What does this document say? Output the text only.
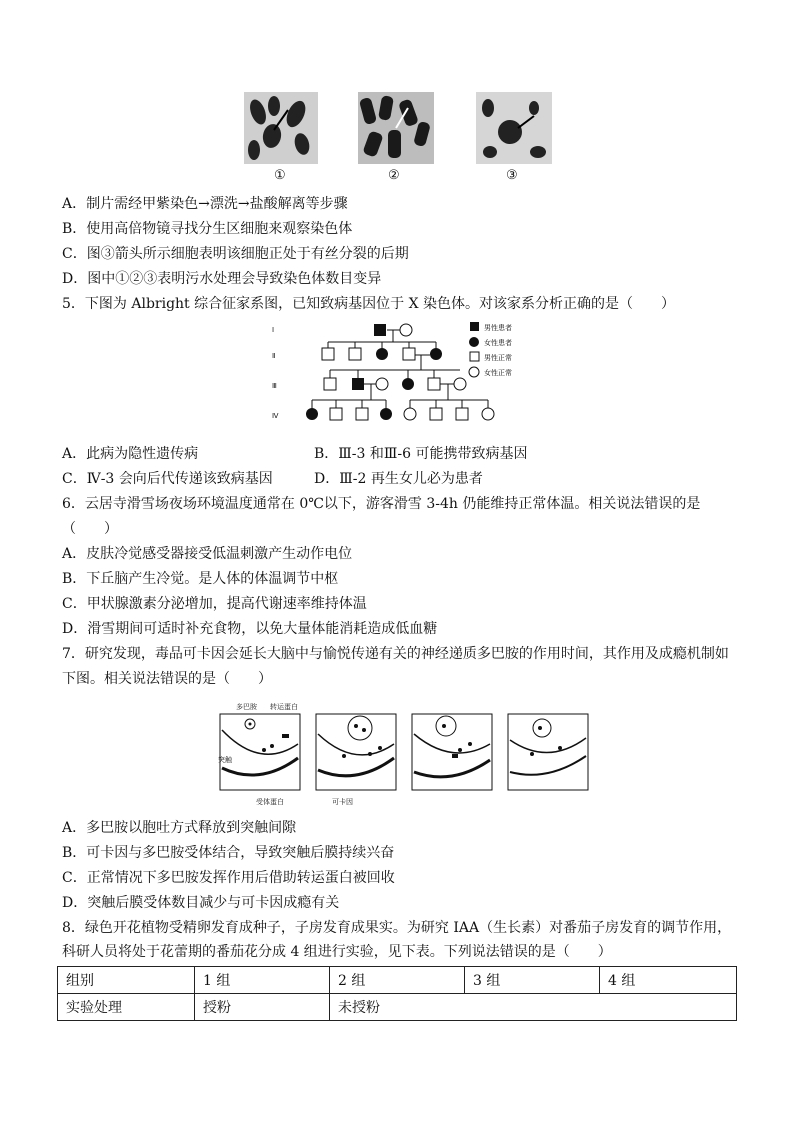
①	②	③
A．制片需经甲紫染色→漂洗→盐酸解离等步骤
B．使用高倍物镜寻找分生区细胞来观察染色体
C．图③箭头所示细胞表明该细胞正处于有丝分裂的后期
D．图中①②③表明污水处理会导致染色体数目变异
5．下图为 Albright 综合征家系图，已知致病基因位于 X 染色体。对该家系分析正确的是（　　）
Ⅰ
Ⅱ
Ⅲ
Ⅳ
男性患者
女性患者
男性正常
女性正常
A．此病为隐性遗传病	B．Ⅲ-3 和Ⅲ-6 可能携带致病基因
C．Ⅳ-3 会向后代传递该致病基因	D．Ⅲ-2 再生女儿必为患者
6．云居寺滑雪场夜场环境温度通常在 0℃以下，游客滑雪 3-4h 仍能维持正常体温。相关说法错误的是
（　　）
A．皮肤冷觉感受器接受低温刺激产生动作电位
B．下丘脑产生冷觉。是人体的体温调节中枢
C．甲状腺激素分泌增加，提高代谢速率维持体温
D．滑雪期间可适时补充食物，以免大量体能消耗造成低血糖
7．研究发现，毒品可卡因会延长大脑中与愉悦传递有关的神经递质多巴胺的作用时间，其作用及成瘾机制如
下图。相关说法错误的是（　　）
多巴胺 转运蛋白
突触
受体蛋白	可卡因
A．多巴胺以胞吐方式释放到突触间隙
B．可卡因与多巴胺受体结合，导致突触后膜持续兴奋
C．正常情况下多巴胺发挥作用后借助转运蛋白被回收
D．突触后膜受体数目减少与可卡因成瘾有关
8．绿色开花植物受精卵发育成种子，子房发育成果实。为研究 IAA（生长素）对番茄子房发育的调节作用，
科研人员将处于花蕾期的番茄花分成 4 组进行实验，见下表。下列说法错误的是（　　）
组别	1 组	2 组	3 组	4 组
实验处理	授粉	未授粉		
